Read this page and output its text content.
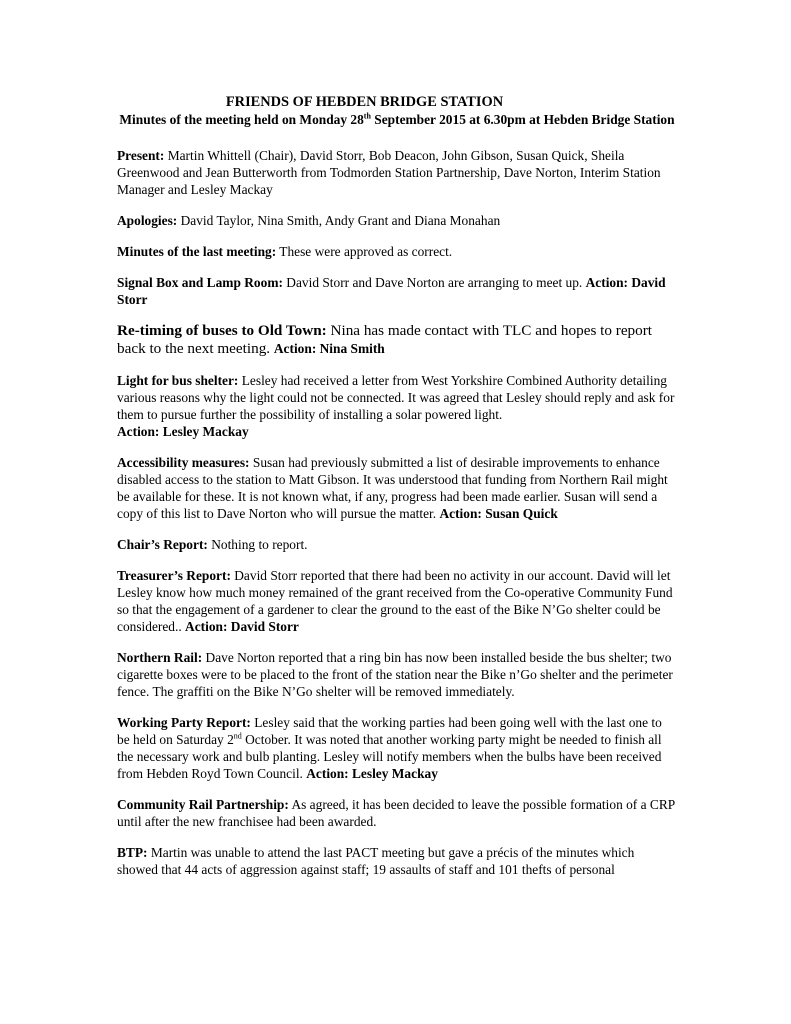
FRIENDS OF HEBDEN BRIDGE STATION
Minutes of the meeting held on Monday 28th September 2015 at 6.30pm at Hebden Bridge Station

Present: Martin Whittell (Chair), David Storr, Bob Deacon, John Gibson, Susan Quick, Sheila Greenwood and Jean Butterworth from Todmorden Station Partnership, Dave Norton, Interim Station Manager and Lesley Mackay

Apologies: David Taylor, Nina Smith, Andy Grant and Diana Monahan

Minutes of the last meeting: These were approved as correct.

Signal Box and Lamp Room: David Storr and Dave Norton are arranging to meet up. Action: David Storr

Re-timing of buses to Old Town: Nina has made contact with TLC and hopes to report back to the next meeting. Action: Nina Smith

Light for bus shelter: Lesley had received a letter from West Yorkshire Combined Authority detailing various reasons why the light could not be connected. It was agreed that Lesley should reply and ask for them to pursue further the possibility of installing a solar powered light.
Action: Lesley Mackay

Accessibility measures: Susan had previously submitted a list of desirable improvements to enhance disabled access to the station to Matt Gibson. It was understood that funding from Northern Rail might be available for these. It is not known what, if any, progress had been made earlier. Susan will send a copy of this list to Dave Norton who will pursue the matter. Action: Susan Quick

Chair’s Report: Nothing to report.

Treasurer’s Report: David Storr reported that there had been no activity in our account. David will let Lesley know how much money remained of the grant received from the Co-operative Community Fund so that the engagement of a gardener to clear the ground to the east of the Bike N’Go shelter could be considered.. Action: David Storr

Northern Rail: Dave Norton reported that a ring bin has now been installed beside the bus shelter; two cigarette boxes were to be placed to the front of the station near the Bike n’Go shelter and the perimeter fence. The graffiti on the Bike N’Go shelter will be removed immediately.

Working Party Report: Lesley said that the working parties had been going well with the last one to be held on Saturday 2nd October. It was noted that another working party might be needed to finish all the necessary work and bulb planting. Lesley will notify members when the bulbs have been received from Hebden Royd Town Council. Action: Lesley Mackay

Community Rail Partnership: As agreed, it has been decided to leave the possible formation of a CRP until after the new franchisee had been awarded.

BTP: Martin was unable to attend the last PACT meeting but gave a précis of the minutes which showed that 44 acts of aggression against staff; 19 assaults of staff and 101 thefts of personal
